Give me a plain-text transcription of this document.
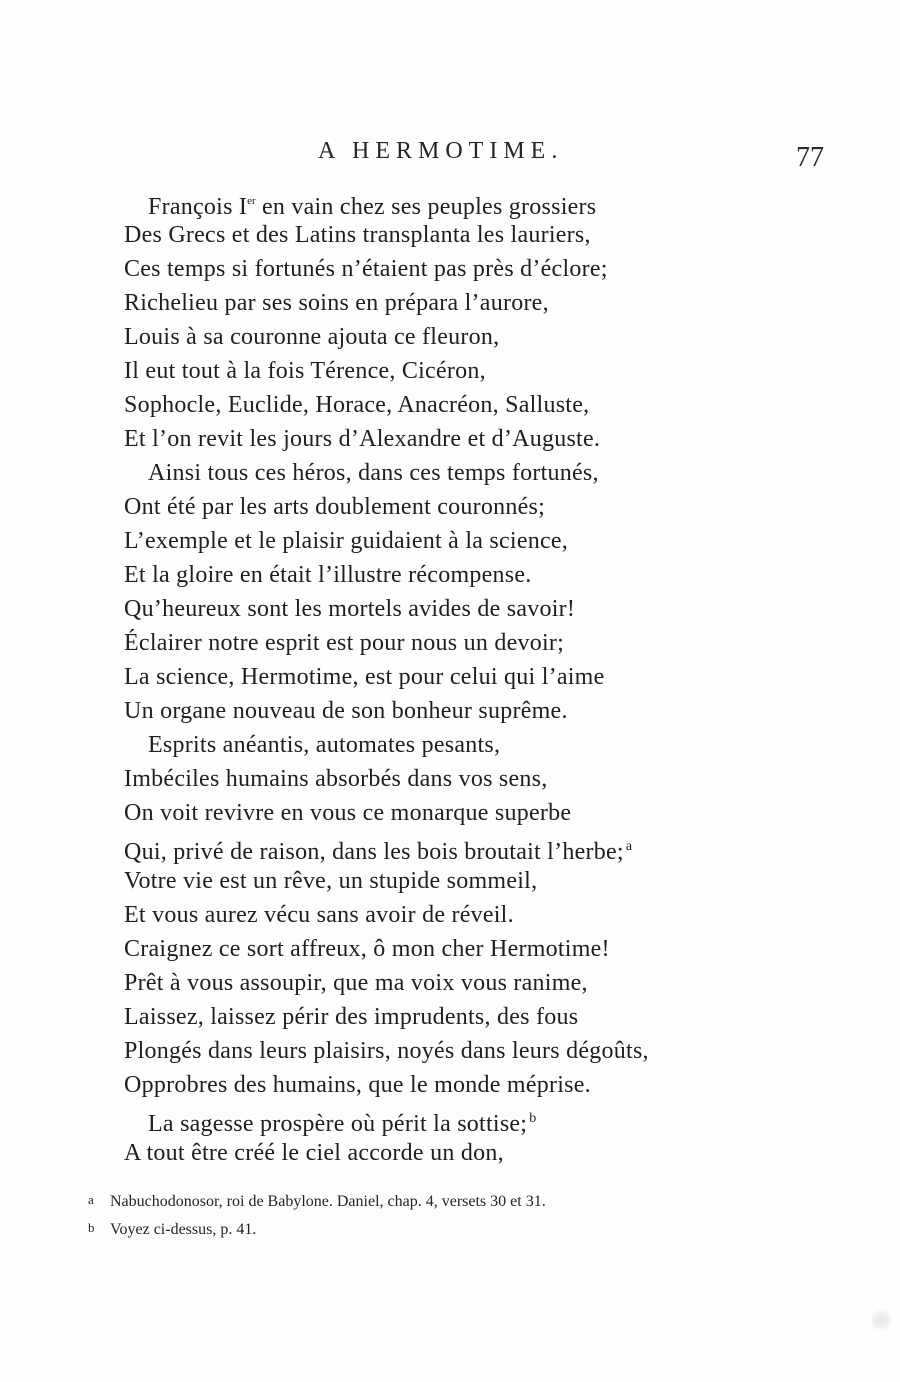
A HERMOTIME.	77
François Ier en vain chez ses peuples grossiers
Des Grecs et des Latins transplanta les lauriers,
Ces temps si fortunés n’étaient pas près d’éclore;
Richelieu par ses soins en prépara l’aurore,
Louis à sa couronne ajouta ce fleuron,
Il eut tout à la fois Térence, Cicéron,
Sophocle, Euclide, Horace, Anacréon, Salluste,
Et l’on revit les jours d’Alexandre et d’Auguste.
Ainsi tous ces héros, dans ces temps fortunés,
Ont été par les arts doublement couronnés;
L’exemple et le plaisir guidaient à la science,
Et la gloire en était l’illustre récompense.
Qu’heureux sont les mortels avides de savoir!
Éclairer notre esprit est pour nous un devoir;
La science, Hermotime, est pour celui qui l’aime
Un organe nouveau de son bonheur suprême.
Esprits anéantis, automates pesants,
Imbéciles humains absorbés dans vos sens,
On voit revivre en vous ce monarque superbe
Qui, privé de raison, dans les bois broutait l’herbe; $^a$
Votre vie est un rêve, un stupide sommeil,
Et vous aurez vécu sans avoir de réveil.
Craignez ce sort affreux, ô mon cher Hermotime!
Prêt à vous assoupir, que ma voix vous ranime,
Laissez, laissez périr des imprudents, des fous
Plongés dans leurs plaisirs, noyés dans leurs dégoûts,
Opprobres des humains, que le monde méprise.
La sagesse prospère où périt la sottise; $^b$
A tout être créé le ciel accorde un don,
a Nabuchodonosor, roi de Babylone. Daniel, chap. 4, versets 30 et 31.
b Voyez ci-dessus, p. 41.
